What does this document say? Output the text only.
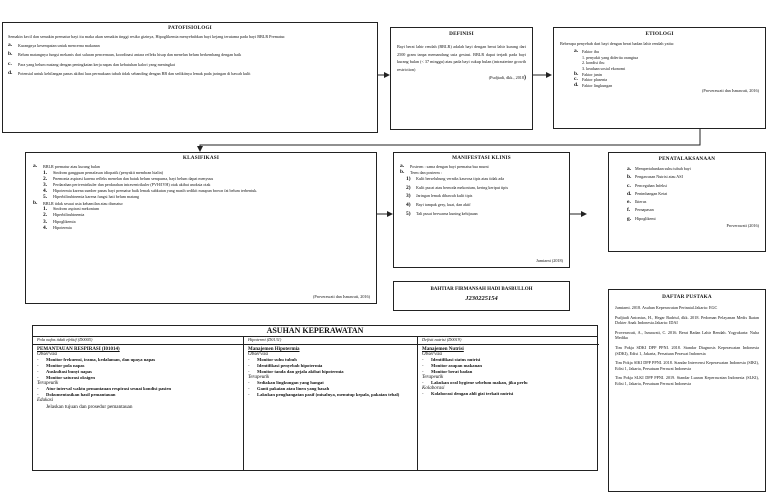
PATOFISIOLOGI
Semakin kecil dan semakin prematur bayi itu maka akan semakin tinggi resiko gizinya, Hipoglikemia menyebabkan bayi kejang terutama pada bayi BBLR Prematur.
a.	Kurangnya kesempatan untuk mencerna makanan
b.	Belum matangnya fungsi mekanis dari saluran pencernaan, koordinasi antara refleks hisap dan menelan belum berkembang dengan baik
c.	Para yang belum matang dengan peningkatan kerja napas dan kebutuhan kalori yang meningkat
d.	Potensial untuk kehilangan panas akibat luas permukaan tubuh tidak sebanding dengan BB dan sedikitnya lemak pada jaringan di bawah kulit
DEFINISI
Bayi berat lahir rendah (BBLR) adalah bayi dengan berat lahir kurang dari 2500 gram tanpa memandang usia gestasi. BBLR dapat terjadi pada bayi kurang bulan (< 37 minggu) atau pada bayi cukup bulan (intrauterine growth restriction)
(Pudjiadi, dkk., 2018)
ETIOLOGI
Beberapa penyebab dari bayi dengan berat badan lahir rendah yaitu:
a. Faktor ibu
1. penyakit yang diderita orangtua
2. kondisi ibu
3. keadaan sosial ekonomi
b. Faktor janin
c.	Faktor plasenta
d. Faktor lingkungan
(Proverawati dan Ismawati, 2016)
KLASIFIKASI
a.	BBLR prematur atau kurang bulan
1.	Sindrom gangguan pernafasan idiopatik (penyakit membran hialin)
2.	Pnemonia aspirasi karena refleks menelan dan batuk belum sempurna, bayi belum dapat menyusu
3.	Perdarahan periventrikuler dan perdarahan intraventrikuler (PVH/IVH) otak akibat anoksia otak
4.	Hipotermia karena sumber panas bayi prematur baik lemak subkutan yang masih sedikit maupun brown fat belum terbentuk.
5.	Hiperbilirubinemia karena fungsi hati belum matang
b.	BBLR tidak sesuai usia kehamilan atau dismatur
1.	Sindrom aspirasi mekonium
2.	Hiperbilirubinemia
3.	Hipoglikemia
4.	Hipotermia
(Proverawati dan Ismawati, 2016)
MANIFESTASI KLINIS
a.	Posterm : sama dengan bayi prematur/tua murni
b.	Term dan posterm :
1)	Kulit berselubung verniks kaseosa tipis atau tidak ada
2)	Kulit pucat atau bernoda mekonium, kering keriput tipis
3)	Jaringan lemak dibawah kulit tipis
4)	Bayi tampak gesy, kuat, dan aktif
5)	Tali pusat berwarna kuning kehijauan
Jumiarni (2018)
BAHTIAR FIRMANSAH HADI BASBULLOH
J230225154
PENATALAKSANAAN
a. Mempertahankan suhu tubuh bayi
b. Pengawasan Nutrisi atau ASI
c.	Pencegahan Infeksi
d. Penimbangan Ketat
e.	Ikterus
f.	Pernapasan
g. Hipoglikemi
Proverawati (2016)
DAFTAR PUSTAKA
Jumiarni. 2018. Asuhan Keperawatan Perinatal.Jakarta: EGC
Pudjiadi Antonius, H., Hegar Badriul, dkk. 2018. Pedoman Pelayanan Medis Ikatan Dokter Anak Indonesia.Jakarta: IDAI
Proverawati, A., Ismawati, C. 2016. Berat Badan Lahir Rendah. Yogyakarta: Nuha Medika
Tim Pokja SDKI DPP PPNI. 2018. Standar Diagnosis Keperawatan Indonesia (SDKI), Edisi 1, Jakarta, Persatuan Perawat Indonesia
Tim Pokja SIKI DPP PPNI. 2018. Standar Intervensi Keperawatan Indonesia (SIKI), Edisi 1, Jakarta, Persatuan Perawat Indonesia
Tim Pokja SLKI DPP PPNI. 2019. Standar Luaran Keperawatan Indonesia (SLKI), Edisi 1, Jakarta, Persatuan Perawat Indonesia
ASUHAN KEPERAWATAN
Pola nafas tidak efektif (D0005)
PEMANTAUAN RESPIRASI (I01014)
Observasi
-	Monitor frekuensi, irama, kedalaman, dan upaya napas
-	Monitor pola napas
-	Auskultasi bunyi napas
-	Monitor saturasi oksigen
Terapeutik
-	Atur interval waktu pemantauan respirasi sesuai kondisi pasien
-	Dokumentasikan hasil pemantauan
Edukasi
Jelaskan tujuan dan prosedur pemantauan
Hipotermi (D0131)
Manajemen Hipotermia
Observasi
-	Monitor suhu tubuh
-	Identifikasi penyebab hipotermia
-	Monitor tanda dan gejala akibat hipotermia
Terapeutik
-	Sediakan lingkungan yang hangat
-	Ganti pakaian atau linen yang basah
-	Lakukan penghangatan pasif (misalnya, menutup kepala, pakaian tebal)
Defisit nutrisi (D0019)
Manajemen Nutrisi
Observasi
-	Identifikasi status nutrisi
-	Monitor asupan makanan
-	Monitor berat badan
Terapeutik
-	Lakukan oral hygiene sebelum makan, jika perlu
Kolaborasi
-	Kolaborasi dengan ahli gizi terkait nutrisi
